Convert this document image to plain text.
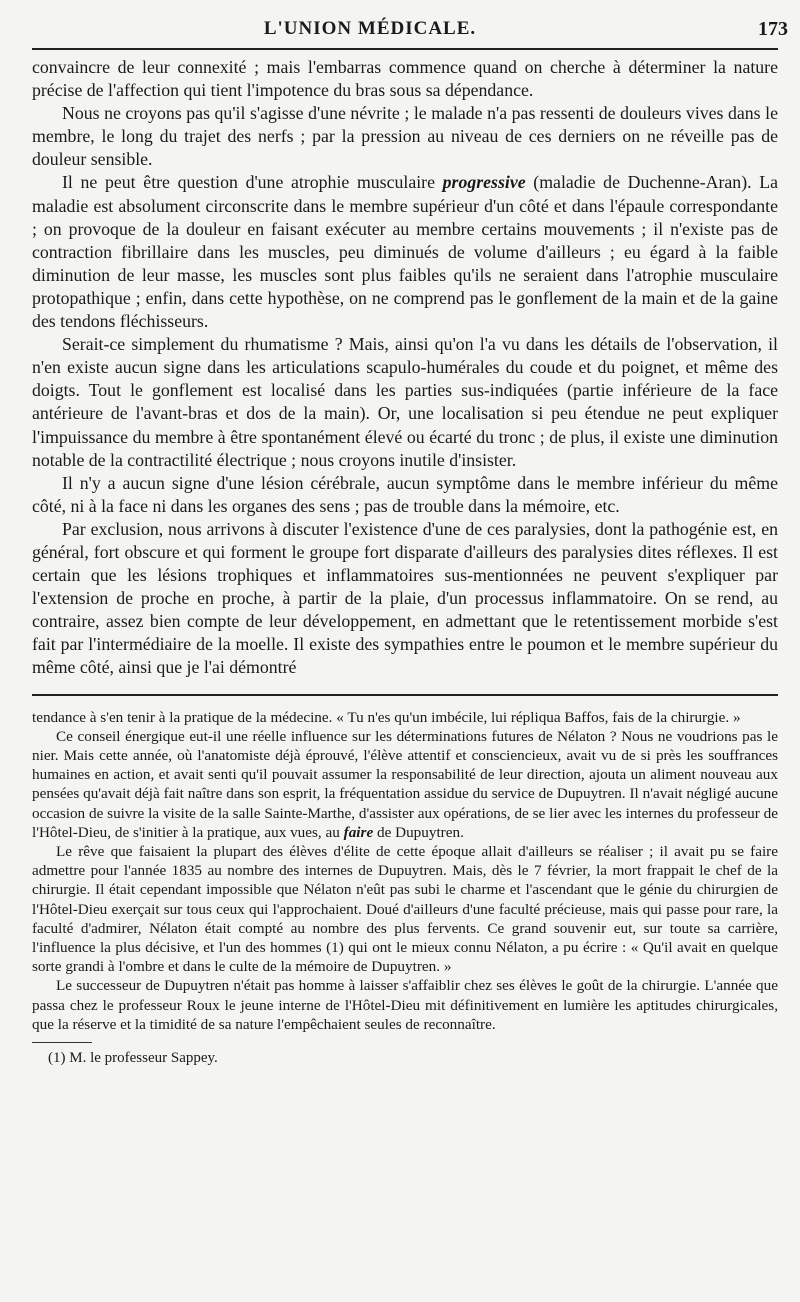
L'UNION MÉDICALE.	173

convaincre de leur connexité ; mais l'embarras commence quand on cherche à déterminer la nature précise de l'affection qui tient l'impotence du bras sous sa dépendance.

Nous ne croyons pas qu'il s'agisse d'une névrite ; le malade n'a pas ressenti de douleurs vives dans le membre, le long du trajet des nerfs ; par la pression au niveau de ces derniers on ne réveille pas de douleur sensible.

Il ne peut être question d'une atrophie musculaire progressive (maladie de Duchenne-Aran). La maladie est absolument circonscrite dans le membre supérieur d'un côté et dans l'épaule correspondante ; on provoque de la douleur en faisant exécuter au membre certains mouvements ; il n'existe pas de contraction fibrillaire dans les muscles, peu diminués de volume d'ailleurs ; eu égard à la faible diminution de leur masse, les muscles sont plus faibles qu'ils ne seraient dans l'atrophie musculaire protopathique ; enfin, dans cette hypothèse, on ne comprend pas le gonflement de la main et de la gaine des tendons fléchisseurs.

Serait-ce simplement du rhumatisme ? Mais, ainsi qu'on l'a vu dans les détails de l'observation, il n'en existe aucun signe dans les articulations scapulo-humérales du coude et du poignet, et même des doigts. Tout le gonflement est localisé dans les parties sus-indiquées (partie inférieure de la face antérieure de l'avant-bras et dos de la main). Or, une localisation si peu étendue ne peut expliquer l'impuissance du membre à être spontanément élevé ou écarté du tronc ; de plus, il existe une diminution notable de la contractilité électrique ; nous croyons inutile d'insister.

Il n'y a aucun signe d'une lésion cérébrale, aucun symptôme dans le membre inférieur du même côté, ni à la face ni dans les organes des sens ; pas de trouble dans la mémoire, etc.

Par exclusion, nous arrivons à discuter l'existence d'une de ces paralysies, dont la pathogénie est, en général, fort obscure et qui forment le groupe fort disparate d'ailleurs des paralysies dites réflexes. Il est certain que les lésions trophiques et inflammatoires sus-mentionnées ne peuvent s'expliquer par l'extension de proche en proche, à partir de la plaie, d'un processus inflammatoire. On se rend, au contraire, assez bien compte de leur développement, en admettant que le retentissement morbide s'est fait par l'intermédiaire de la moelle. Il existe des sympathies entre le poumon et le membre supérieur du même côté, ainsi que je l'ai démontré

tendance à s'en tenir à la pratique de la médecine. « Tu n'es qu'un imbécile, lui répliqua Baffos, fais de la chirurgie. »

Ce conseil énergique eut-il une réelle influence sur les déterminations futures de Nélaton ? Nous ne voudrions pas le nier. Mais cette année, où l'anatomiste déjà éprouvé, l'élève attentif et consciencieux, avait vu de si près les souffrances humaines en action, et avait senti qu'il pouvait assumer la responsabilité de leur direction, ajouta un aliment nouveau aux pensées qu'avait déjà fait naître dans son esprit, la fréquentation assidue du service de Dupuytren. Il n'avait négligé aucune occasion de suivre la visite de la salle Sainte-Marthe, d'assister aux opérations, de se lier avec les internes du professeur de l'Hôtel-Dieu, de s'initier à la pratique, aux vues, au faire de Dupuytren.

Le rêve que faisaient la plupart des élèves d'élite de cette époque allait d'ailleurs se réaliser ; il avait pu se faire admettre pour l'année 1835 au nombre des internes de Dupuytren. Mais, dès le 7 février, la mort frappait le chef de la chirurgie. Il était cependant impossible que Nélaton n'eût pas subi le charme et l'ascendant que le génie du chirurgien de l'Hôtel-Dieu exerçait sur tous ceux qui l'approchaient. Doué d'ailleurs d'une faculté précieuse, mais qui passe pour rare, la faculté d'admirer, Nélaton était compté au nombre des plus fervents. Ce grand souvenir eut, sur toute sa carrière, l'influence la plus décisive, et l'un des hommes (1) qui ont le mieux connu Nélaton, a pu écrire : « Qu'il avait en quelque sorte grandi à l'ombre et dans le culte de la mémoire de Dupuytren. »

Le successeur de Dupuytren n'était pas homme à laisser s'affaiblir chez ses élèves le goût de la chirurgie. L'année que passa chez le professeur Roux le jeune interne de l'Hôtel-Dieu mit définitivement en lumière les aptitudes chirurgicales, que la réserve et la timidité de sa nature l'empêchaient seules de reconnaître.

(1) M. le professeur Sappey.
